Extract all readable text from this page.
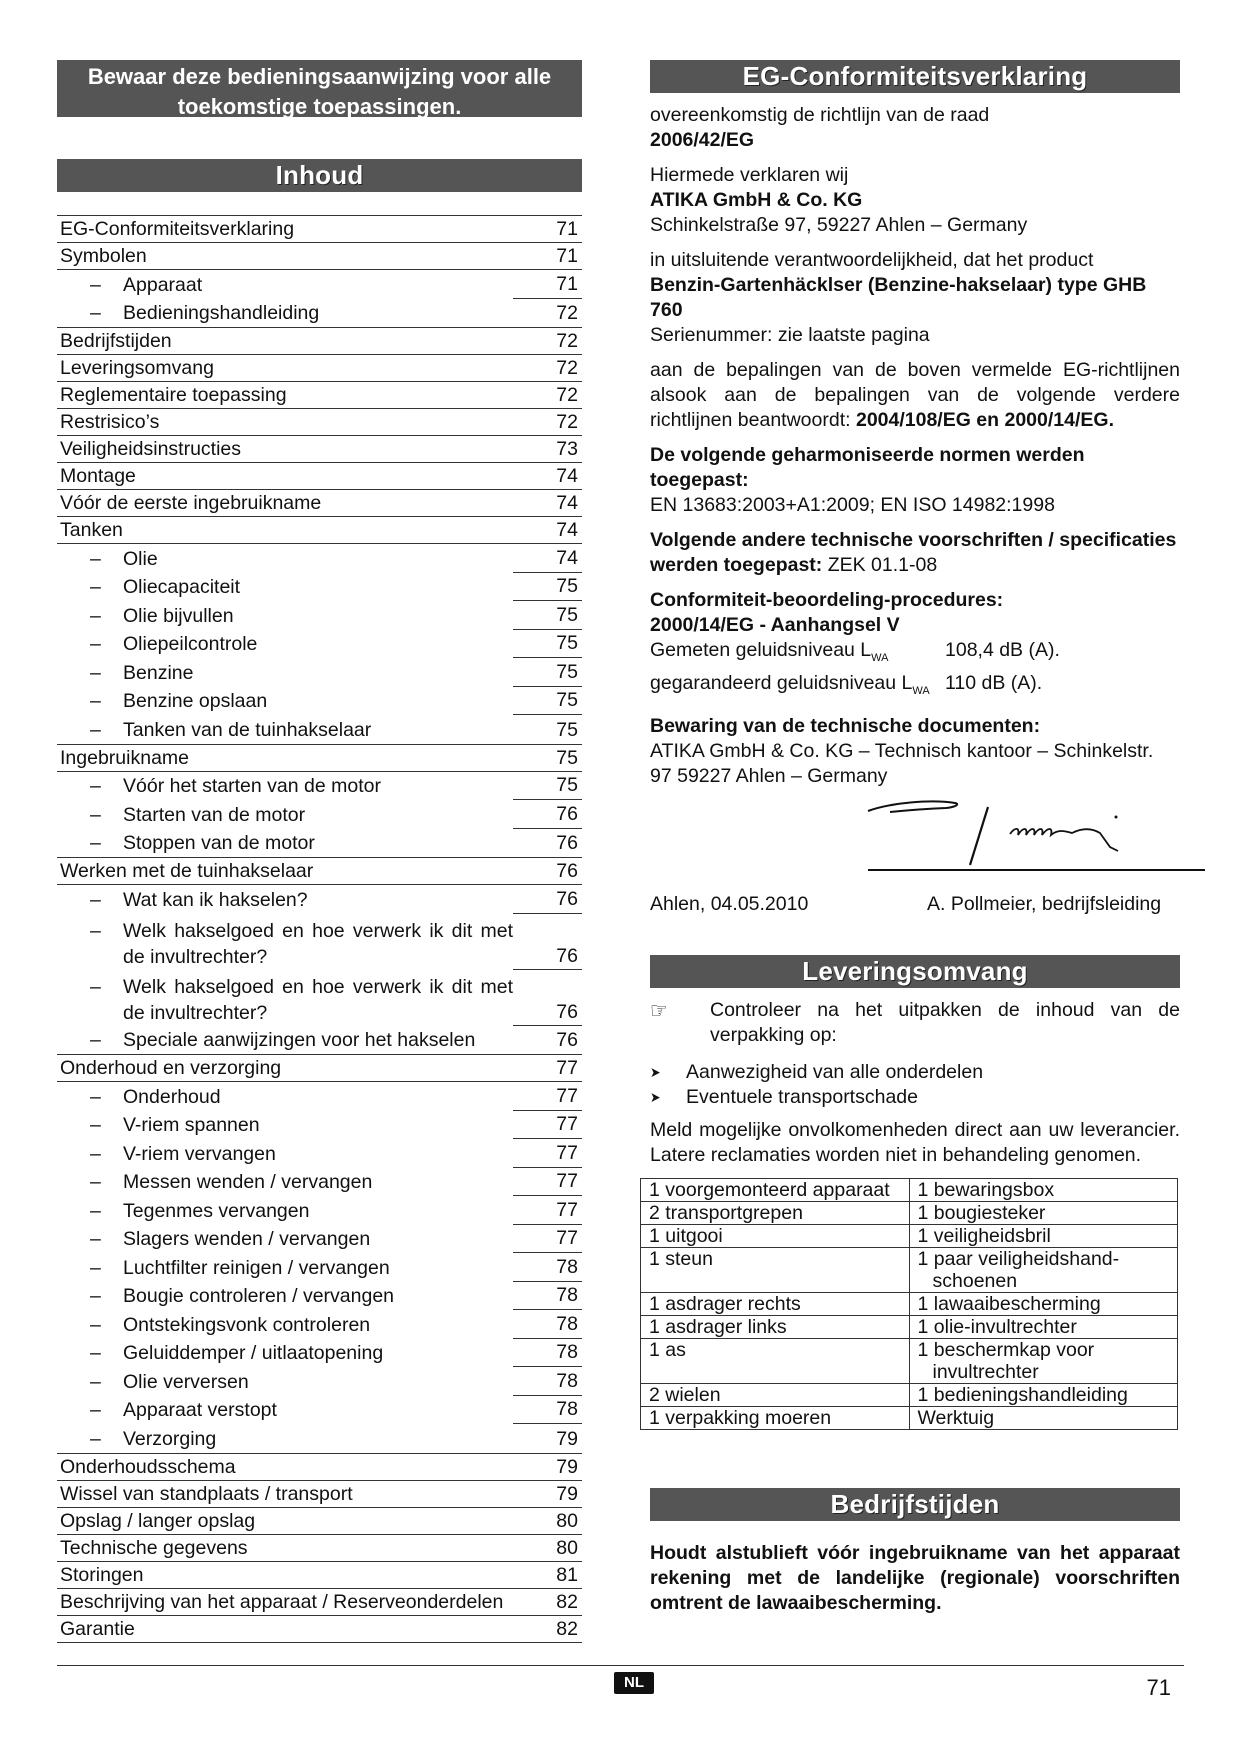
Bewaar deze bedieningsaanwijzing voor alle toekomstige toepassingen.
Inhoud
EG-Conformiteitsverklaring	71
Symbolen	71
–	Apparaat	71
–	Bedieningshandleiding	72
Bedrijfstijden	72
Leveringsomvang	72
Reglementaire toepassing	72
Restrisico’s	72
Veiligheidsinstructies	73
Montage	74
Vóór de eerste ingebruikname	74
Tanken	74
–	Olie	74
–	Oliecapaciteit	75
–	Olie bijvullen	75
–	Oliepeilcontrole	75
–	Benzine	75
–	Benzine opslaan	75
–	Tanken van de tuinhakselaar	75
Ingebruikname	75
–	Vóór het starten van de motor	75
–	Starten van de motor	76
–	Stoppen van de motor	76
Werken met de tuinhakselaar	76
–	Wat kan ik hakselen?	76
–	Welk hakselgoed en hoe verwerk ik dit met de invultrechter?	76
–	Welk hakselgoed en hoe verwerk ik dit met de invultrechter?	76
–	Speciale aanwijzingen voor het hakselen	76
Onderhoud en verzorging	77
–	Onderhoud	77
–	V-riem spannen	77
–	V-riem vervangen	77
–	Messen wenden / vervangen	77
–	Tegenmes vervangen	77
–	Slagers wenden / vervangen	77
–	Luchtfilter reinigen / vervangen	78
–	Bougie controleren / vervangen	78
–	Ontstekingsvonk controleren	78
–	Geluiddemper / uitlaatopening	78
–	Olie verversen	78
–	Apparaat verstopt	78
–	Verzorging	79
Onderhoudsschema	79
Wissel van standplaats / transport	79
Opslag / langer opslag	80
Technische gegevens	80
Storingen	81
Beschrijving van het apparaat / Reserveonderdelen	82
Garantie	82
EG-Conformiteitsverklaring

overeenkomstig de richtlijn van de raad

2006/42/EG

Hiermede verklaren wij

ATIKA GmbH & Co. KG

Schinkelstraße 97, 59227 Ahlen – Germany

in uitsluitende verantwoordelijkheid, dat het product

Benzin-Gartenhäcklser (Benzine-hakselaar) type GHB 760

Serienummer: zie laatste pagina

aan de bepalingen van de boven vermelde EG-richtlijnen alsook aan de bepalingen van de volgende verdere richtlijnen beantwoordt: 2004/108/EG en 2000/14/EG.

De volgende geharmoniseerde normen werden toegepast:

EN 13683:2003+A1:2009; EN ISO 14982:1998

Volgende andere technische voorschriften / specificaties werden toegepast: ZEK 01.1-08

Conformiteit-beoordeling-procedures:

2000/14/EG - Aanhangsel V

Gemeten geluidsniveau $L_{WA}$	108,4 dB (A).
gegarandeerd geluidsniveau $L_{WA}$ 110 dB (A).

Bewaring van de technische documenten:

ATIKA GmbH & Co. KG – Technisch kantoor – Schinkelstr. 97 59227 Ahlen – Germany

Ahlen, 04.05.2010	A. Pollmeier, bedrijfsleiding
Leveringsomvang
☞	Controleer na het uitpakken de inhoud van de verpakking op:
➤	Aanwezigheid van alle onderdelen
➤	Eventuele transportschade

Meld mogelijke onvolkomenheden direct aan uw leverancier. Latere reclamaties worden niet in behandeling genomen.

1 voorgemonteerd apparaat	1 bewaringsbox
2 transportgrepen	1 bougiesteker
1 uitgooi	1 veiligheidsbril
1 steun	1 paar veiligheidshand-
schoenen
1 asdrager rechts	1 lawaaibescherming
1 asdrager links	1 olie-invultrechter
1 as	1 beschermkap voor
invultrechter
2 wielen	1 bedieningshandleiding
1 verpakking moeren	Werktuig
Bedrijfstijden

Houdt alstublieft vóór ingebruikname van het apparaat rekening met de landelijke (regionale) voorschriften omtrent de lawaaibescherming.

NL	71
